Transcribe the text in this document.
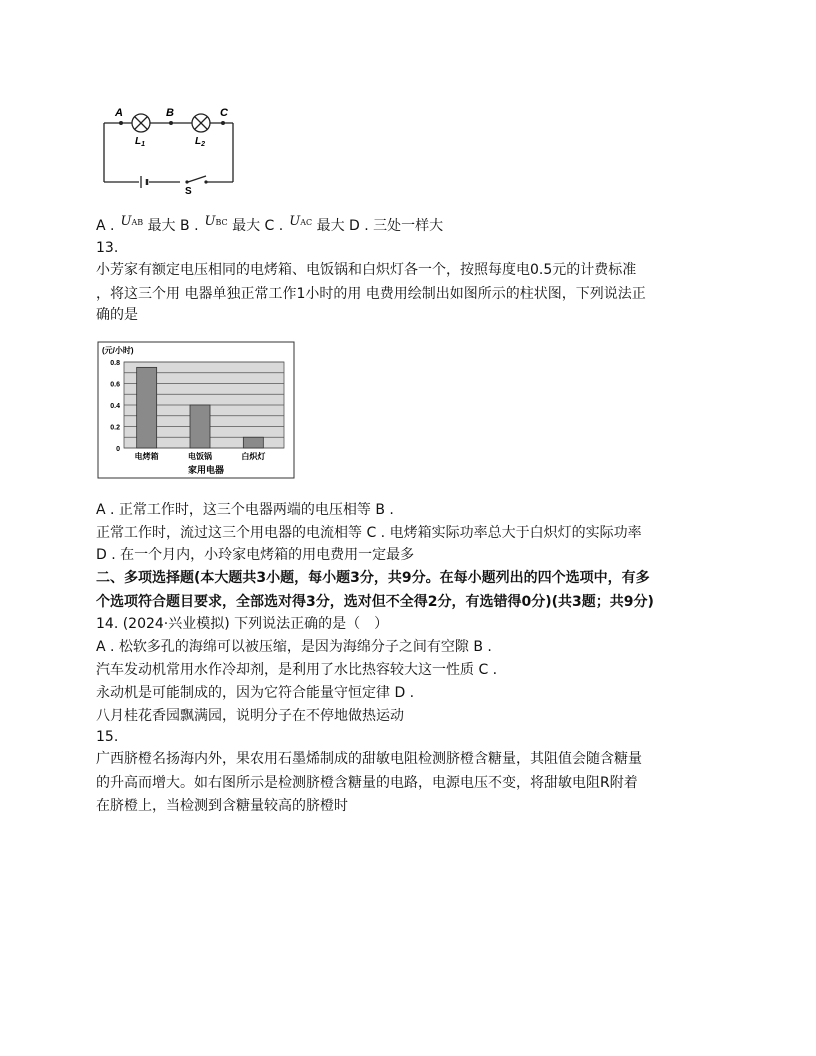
A	B	C
$L_1$	$L_2$
S
A . UAB 最大 B . UBC 最大 C . UAC 最大 D . 三处一样大
13.
小芳家有额定电压相同的电烤箱、电饭锅和白炽灯各一个，按照每度电0.5元的计费标准
，将这三个用 电器单独正常工作1小时的用 电费用绘制出如图所示的柱状图，下列说法正
确的是
(元/小时)
家用电器
0
0.2
0.4
0.6
0.8
电烤箱	电饭锅	白炽灯
A . 正常工作时，这三个电器两端的电压相等 B .
正常工作时，流过这三个用电器的电流相等 C . 电烤箱实际功率总大于白炽灯的实际功率
D . 在一个月内，小玲家电烤箱的用电费用一定最多
二、多项选择题(本大题共3小题，每小题3分，共9分。在每小题列出的四个选项中，有多
个选项符合题目要求，全部选对得3分，选对但不全得2分，有选错得0分)(共3题；共9分)
14. (2024·兴业模拟) 下列说法正确的是（　）
A . 松软多孔的海绵可以被压缩，是因为海绵分子之间有空隙 B .
汽车发动机常用水作冷却剂，是利用了水比热容较大这一性质 C .
永动机是可能制成的，因为它符合能量守恒定律 D .
八月桂花香园飘满园，说明分子在不停地做热运动
15.
广西脐橙名扬海内外，果农用石墨烯制成的甜敏电阻检测脐橙含糖量，其阻值会随含糖量
的升高而增大。如右图所示是检测脐橙含糖量的电路，电源电压不变，将甜敏电阻R附着
在脐橙上，当检测到含糖量较高的脐橙时
